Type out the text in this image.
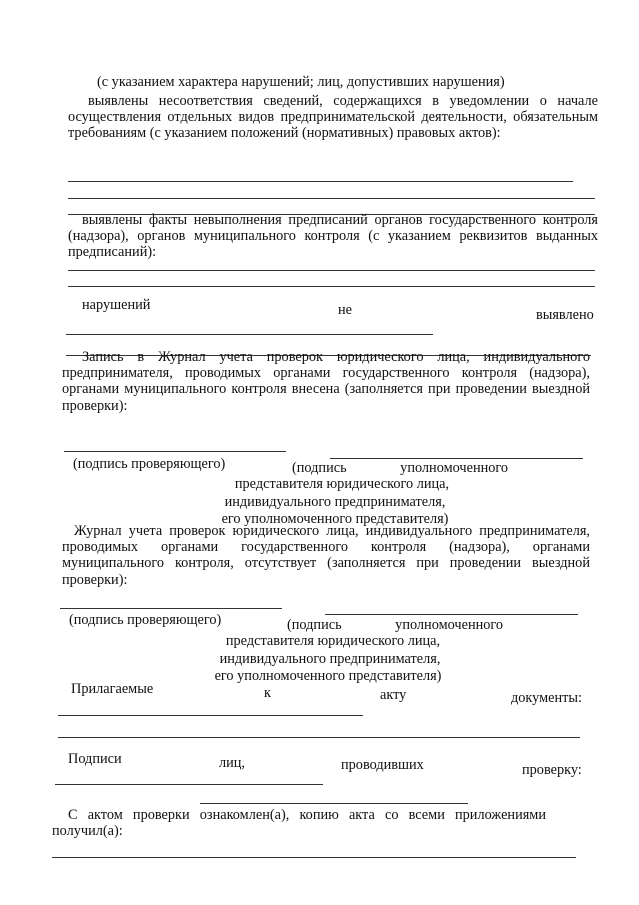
(с указанием характера нарушений; лиц, допустивших нарушения)
выявлены несоответствия сведений, содержащихся в уведомлении о начале осуществления отдельных видов предпринимательской деятельности, обязательным требованиям (с указанием положений (нормативных) правовых актов):
выявлены факты невыполнения предписаний органов государственного контроля (надзора), органов муниципального контроля (с указанием реквизитов выданных предписаний):
нарушений	не	выявлено
Запись в Журнал учета проверок юридического лица, индивидуального предпринимателя, проводимых органами государственного контроля (надзора), органами муниципального контроля внесена (заполняется при проведении выездной проверки):
(подпись проверяющего)	(подпись уполномоченного
представителя юридического лица,
индивидуального предпринимателя,
его уполномоченного представителя)
Журнал учета проверок юридического лица, индивидуального предпринимателя, проводимых органами государственного контроля (надзора), органами муниципального контроля, отсутствует (заполняется при проведении выездной проверки):
(подпись проверяющего)	(подпись уполномоченного
представителя юридического лица,
индивидуального предпринимателя,
его уполномоченного представителя)
Прилагаемые	к	акту	документы:
Подписи	лиц,	проводивших	проверку:
С актом проверки ознакомлен(а), копию акта со всеми приложениями получил(а):
